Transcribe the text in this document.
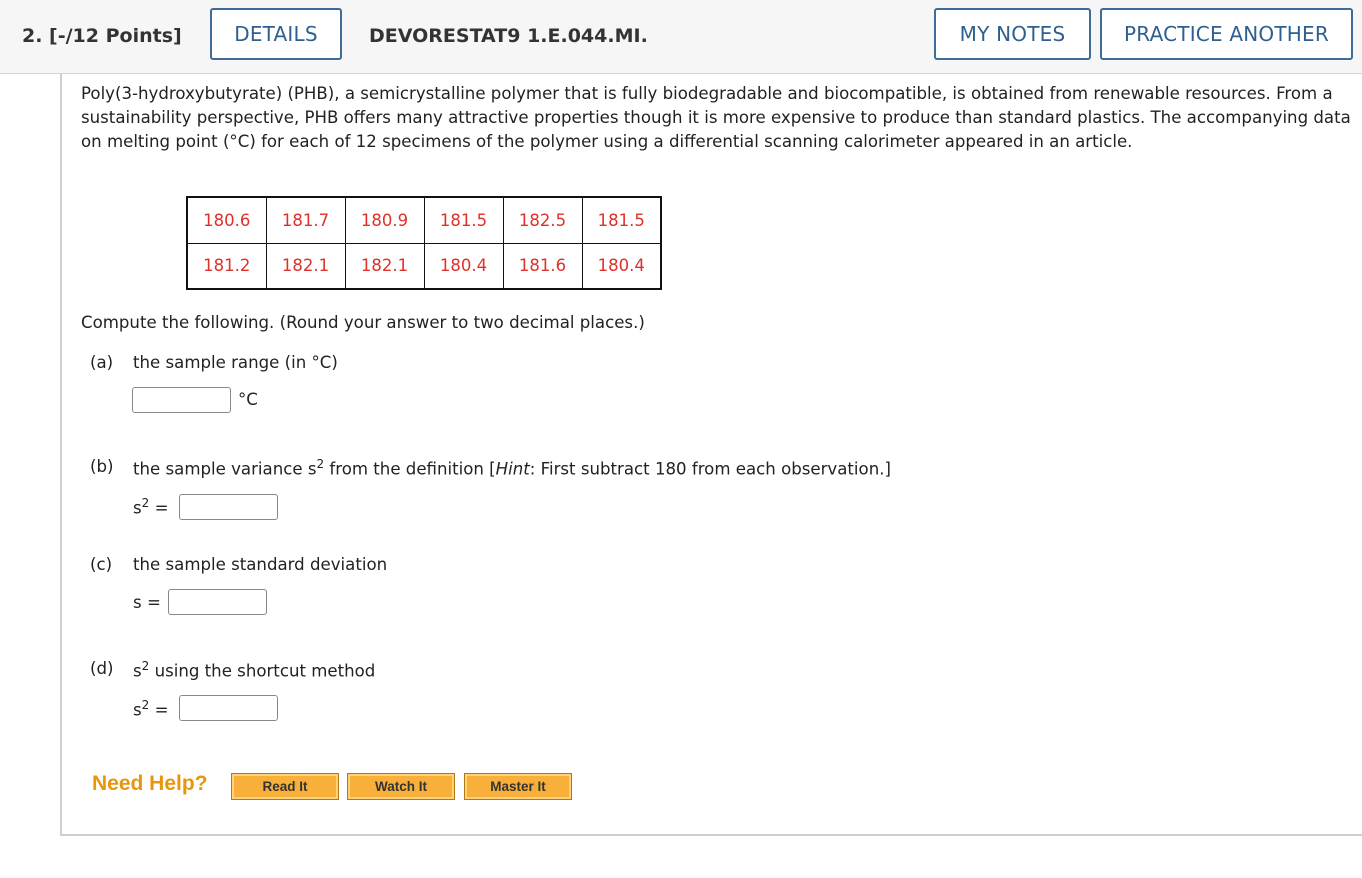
2. [-/12 Points]	DETAILS	DEVORESTAT9 1.E.044.MI.	MY NOTES	PRACTICE ANOTHER
Poly(3-hydroxybutyrate) (PHB), a semicrystalline polymer that is fully biodegradable and biocompatible, is obtained from renewable resources. From a sustainability perspective, PHB offers many attractive properties though it is more expensive to produce than standard plastics. The accompanying data on melting point (°C) for each of 12 specimens of the polymer using a differential scanning calorimeter appeared in an article.
180.6	181.7	180.9	181.5	182.5	181.5
181.2	182.1	182.1	180.4	181.6	180.4
Compute the following. (Round your answer to two decimal places.)
(a) the sample range (in °C)
°C
(b) the sample variance $s^2$ from the definition [Hint: First subtract 180 from each observation.]
$s^2$ =
(c) the sample standard deviation
s =
(d) $s^2$ using the shortcut method
$s^2$ =
Need Help?	Read It	Watch It	Master It
